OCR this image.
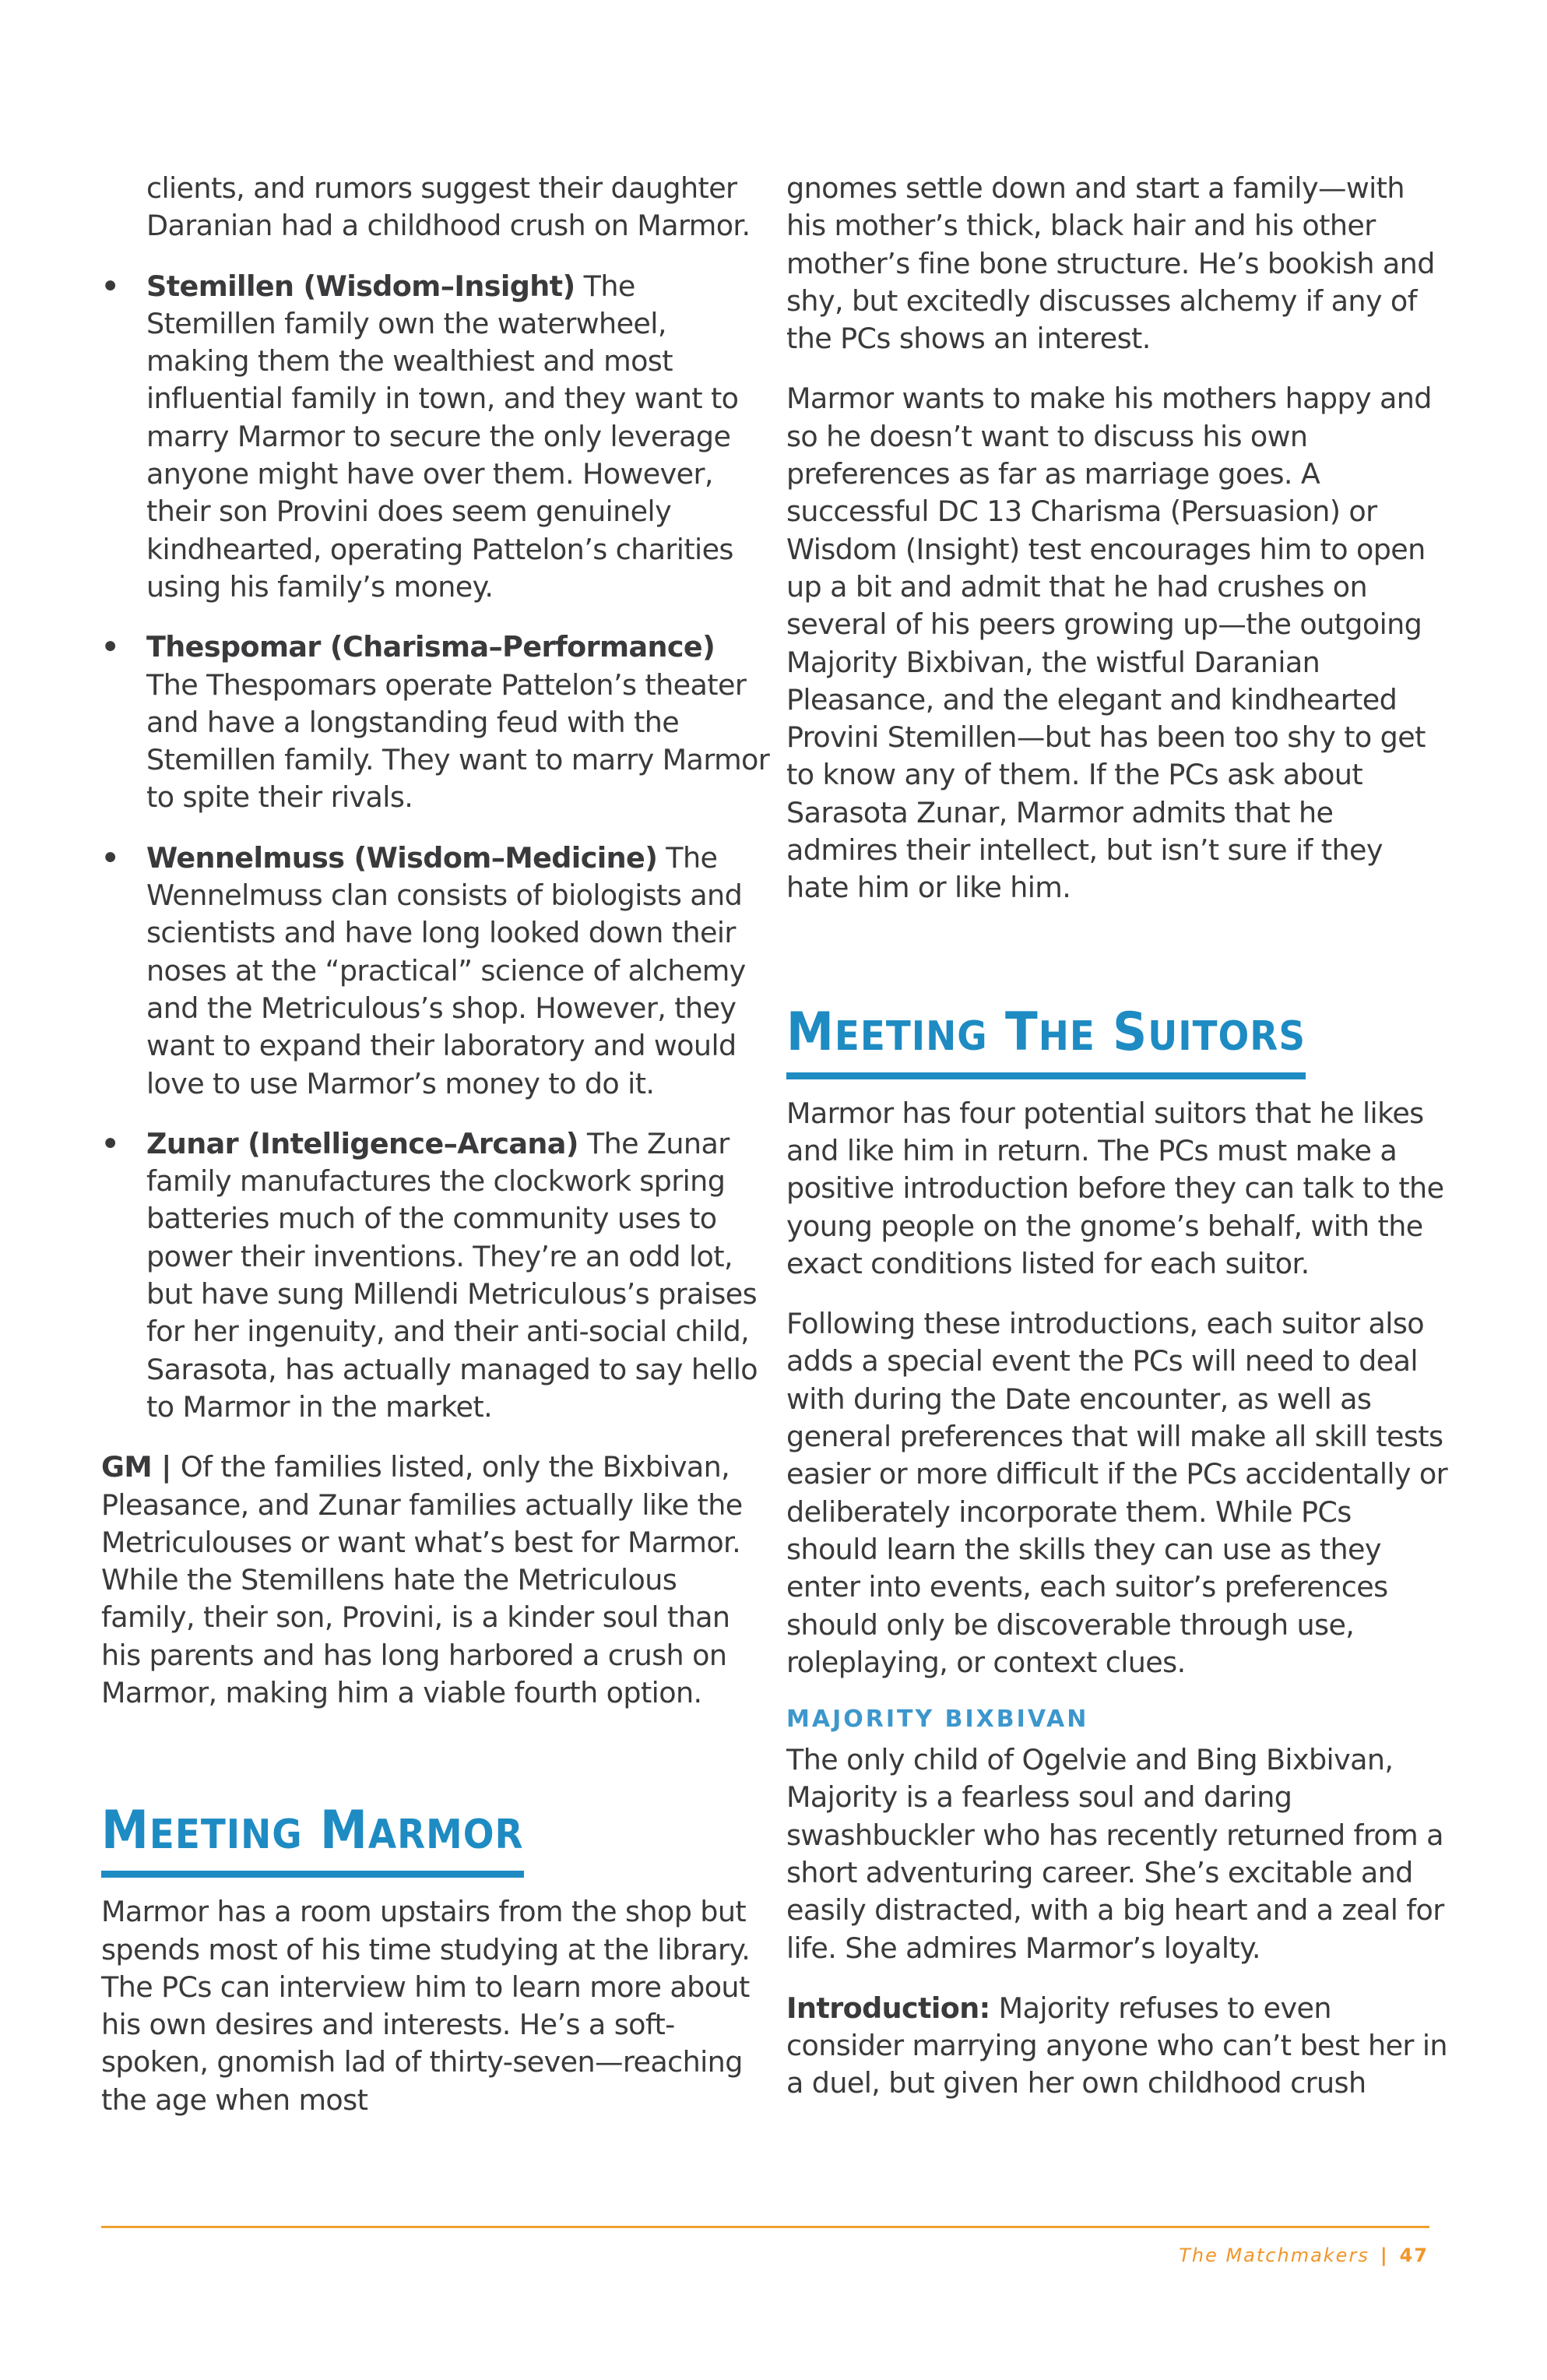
clients, and rumors suggest their daughter Daranian had a childhood crush on Marmor.

• Stemillen (Wisdom–Insight) The Stemillen family own the waterwheel, making them the wealthiest and most influential family in town, and they want to marry Marmor to secure the only leverage anyone might have over them. However, their son Provini does seem genuinely kindhearted, operating Pattelon’s charities using his family’s money.
• Thespomar (Charisma–Performance) The Thespomars operate Pattelon’s theater and have a longstanding feud with the Stemillen family. They want to marry Marmor to spite their rivals.
• Wennelmuss (Wisdom–Medicine) The Wennelmuss clan consists of biologists and scientists and have long looked down their noses at the “practical” science of alchemy and the Metriculous’s shop. However, they want to expand their laboratory and would love to use Marmor’s money to do it.
• Zunar (Intelligence–Arcana) The Zunar family manufactures the clockwork spring batteries much of the community uses to power their inventions. They’re an odd lot, but have sung Millendi Metriculous’s praises for her ingenuity, and their anti-social child, Sarasota, has actually managed to say hello to Marmor in the market.

GM | Of the families listed, only the Bixbivan, Pleasance, and Zunar families actually like the Metriculouses or want what’s best for Marmor. While the Stemillens hate the Metriculous family, their son, Provini, is a kinder soul than his parents and has long harbored a crush on Marmor, making him a viable fourth option.

MEETING MARMOR

Marmor has a room upstairs from the shop but spends most of his time studying at the library. The PCs can interview him to learn more about his own desires and interests. He’s a soft-spoken, gnomish lad of thirty-seven—reaching the age when most

gnomes settle down and start a family—with his mother’s thick, black hair and his other mother’s fine bone structure. He’s bookish and shy, but excitedly discusses alchemy if any of the PCs shows an interest.

Marmor wants to make his mothers happy and so he doesn’t want to discuss his own preferences as far as marriage goes. A successful DC 13 Charisma (Persuasion) or Wisdom (Insight) test encourages him to open up a bit and admit that he had crushes on several of his peers growing up—the outgoing Majority Bixbivan, the wistful Daranian Pleasance, and the elegant and kindhearted Provini Stemillen—but has been too shy to get to know any of them. If the PCs ask about Sarasota Zunar, Marmor admits that he admires their intellect, but isn’t sure if they hate him or like him.

MEETING THE SUITORS

Marmor has four potential suitors that he likes and like him in return. The PCs must make a positive introduction before they can talk to the young people on the gnome’s behalf, with the exact conditions listed for each suitor.

Following these introductions, each suitor also adds a special event the PCs will need to deal with during the Date encounter, as well as general preferences that will make all skill tests easier or more difficult if the PCs accidentally or deliberately incorporate them. While PCs should learn the skills they can use as they enter into events, each suitor’s preferences should only be discoverable through use, roleplaying, or context clues.

MAJORITY BIXBIVAN

The only child of Ogelvie and Bing Bixbivan, Majority is a fearless soul and daring swashbuckler who has recently returned from a short adventuring career. She’s excitable and easily distracted, with a big heart and a zeal for life. She admires Marmor’s loyalty.

Introduction: Majority refuses to even consider marrying anyone who can’t best her in a duel, but given her own childhood crush

The Matchmakers | 47
